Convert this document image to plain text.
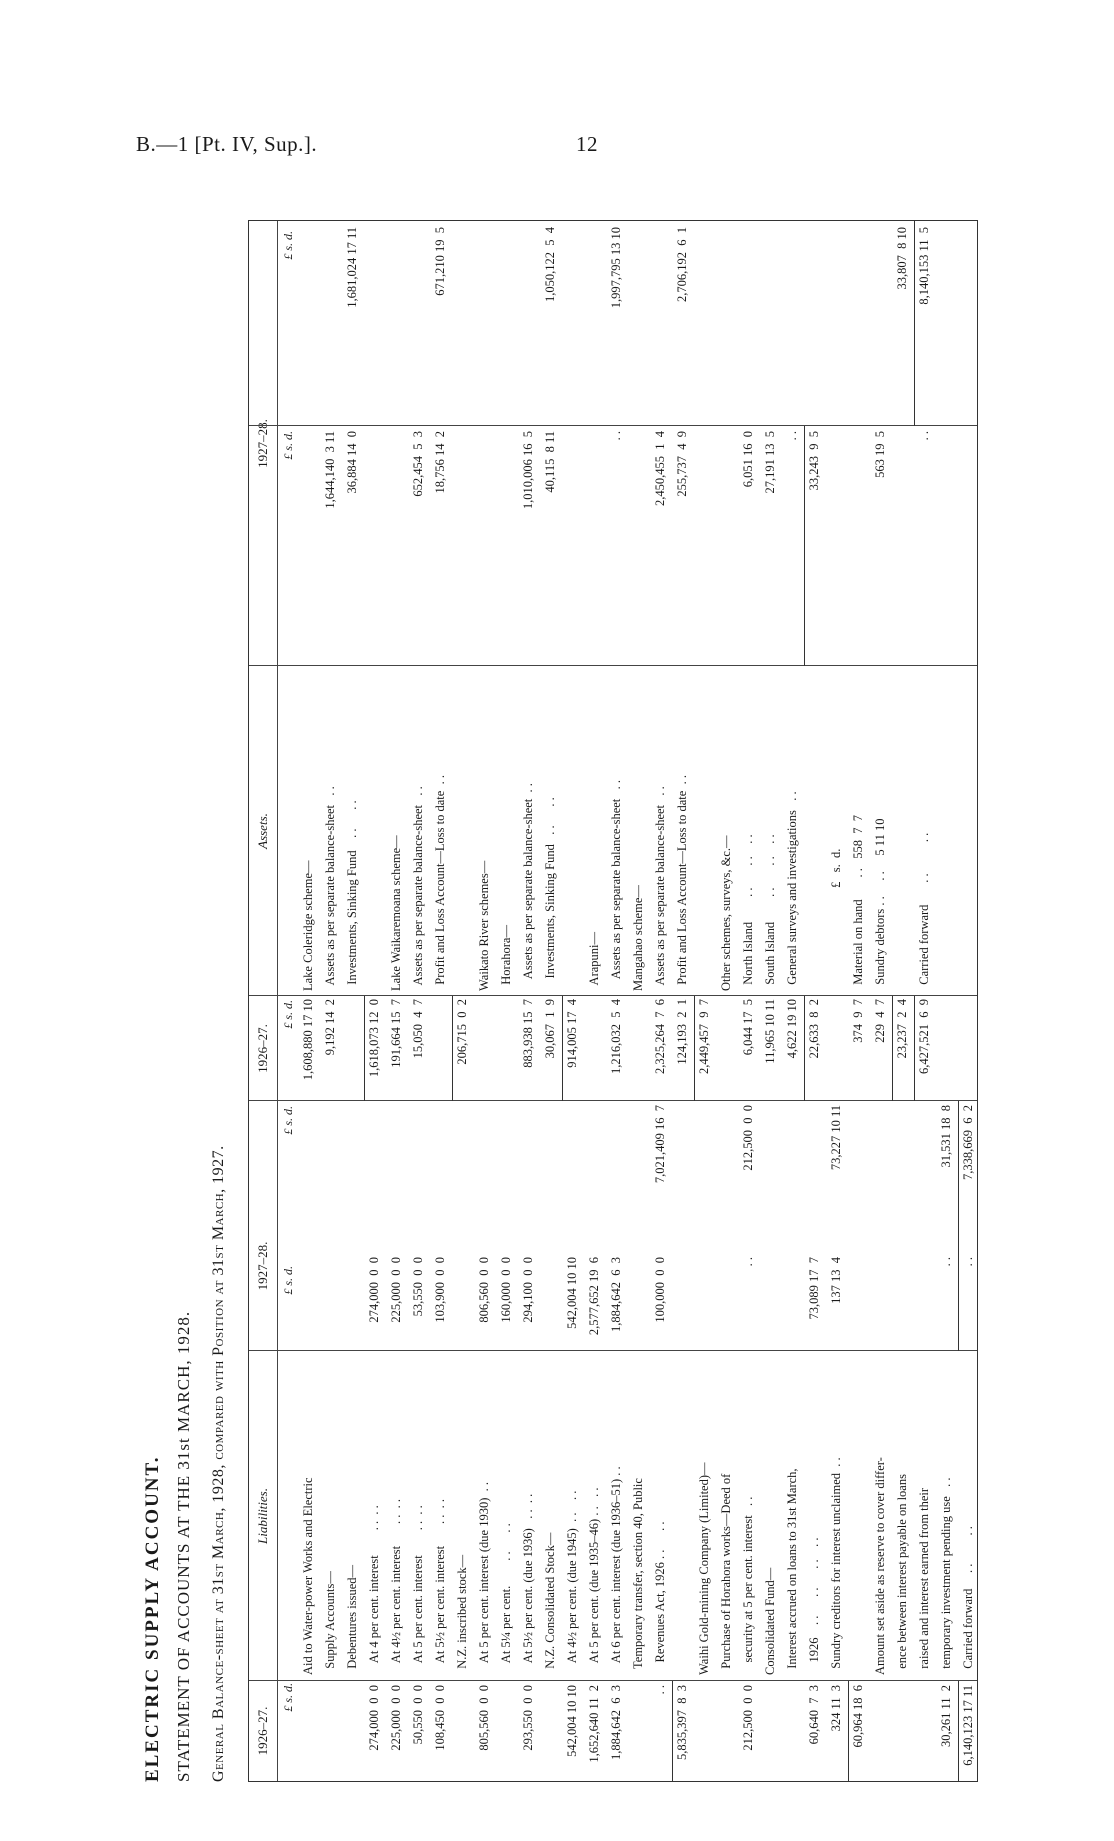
B.—1 [Pt. IV, Sup.].	12
ELECTRIC SUPPLY ACCOUNT. STATEMENT OF ACCOUNTS AT THE 31st MARCH, 1928. General Balance-sheet at 31st March, 1928, compared with Position at 31st March, 1927.	1926–27.
Liabilities.
1927–28.
1926–27.
Assets.
1927–28.
£ s. d.
£ s. d.
£ s. d.
£ s. d.
£ s. d.
£ s. d.
Aid to Water-power Works and Electric Supply Accounts— Debentures issued—
274,000  0  0
At 4 per cent. interest        . .  . .
274,000  0  0
225,000  0  0
At 4½ per cent. interest       . .  . .
225,000  0  0
50,550  0  0
At 5 per cent. interest        . .  . .
53,550  0  0
108,450  0  0
At 5½ per cent. interest       . .  . .
103,900  0  0
N.Z. inscribed stock—
805,560  0  0
At 5 per cent. interest (due 1930)  . .
806,560  0  0
At 5¼ per cent.        . .      . .
160,000  0  0
293,550  0  0
At 5½ per cent. (due 1936)   . .  . .
294,100  0  0
N.Z. Consolidated Stock—
542,004 10 10
At 4½ per cent. (due 1945)  . .    . .
542,004 10 10
1,652,640 11  2
At 5 per cent. (due 1935–46) . .   . .
2,577,652 19  6
1,884,642  6  3
At 6 per cent. interest (due 1936–51) . .
1,884,642  6  3
Temporary transfer, section 40, Public
. .
Revenues Act, 1926 . .      . .
100,000  0  0
7,021,409 16  7
5,835,397  8  3
Waihi Gold-mining Company (Limited)— Purchase of Horahora works—Deed of
212,500  0  0
security at 5 per cent. interest   . .
. .
212,500  0  0
Consolidated Fund— Interest accrued on loans to 31st March,
60,640  7  3
1926    . .      . .      . .    . .
73,089 17  7
324 11  3
Sundry creditors for interest unclaimed  . .
137 13  4
73,227 10 11
60,964 18  6
Amount set aside as reserve to cover differ- ence between interest payable on loans raised and interest earned from their
30,261 11  2
temporary investment pending use   . .
. .
31,531 18  8
6,140,123 17 11
Carried forward     . .         . .
. .
7,338,669  6  2
1,608,880 17 10
Lake Coleridge scheme—
9,192 14  2
Assets as per separate balance-sheet   . .
1,644,140  3 11
Investments, Sinking Fund    . .      . .
36,884 14  0
1,681,024 17 11
1,618,073 12  0 191,664 15  7
Lake Waikaremoana scheme—
15,050  4  7
Assets as per separate balance-sheet   . .
652,454  5  3
Profit and Loss Account—Loss to date  . .
18,756 14  2
671,210 19  5
206,715  0  2
Waikato River schemes— Horahora—
883,938 15  7
Assets as per separate balance-sheet  . .
1,010,006 16  5
30,067  1  9
Investments, Sinking Fund   . .      . .
40,115  8 11
1,050,122  5  4
914,005 17  4
Arapuni—
1,216,032  5  4
Assets as per separate balance-sheet   . .
. .
1,997,795 13 10
Mangahao scheme—
2,325,264  7  6
Assets as per separate balance-sheet   . .
2,450,455  1  4
124,193  2  1
Profit and Loss Account—Loss to date  . .
255,737  4  9
2,706,192  6  1
2,449,457  9  7
Other schemes, surveys, &c.—
6,044 17  5
North Island        . .       . .    . .
6,051 16  0
11,965 10 11
South Island        . .       . .    . .
27,191 13  5
4,622 19 10
General surveys and investigations   . .
. .
22,633  8  2
33,243  9  5
£   s.  d.
374  9  7
Material on hand       . .   558  7  7
229  4  7
Sundry debtors . .     . .     5 11 10
563 19  5
23,237  2  4
33,807  8 10
6,427,521  6  9
Carried forward       . .          . .
. .
8,140,153 11  5
